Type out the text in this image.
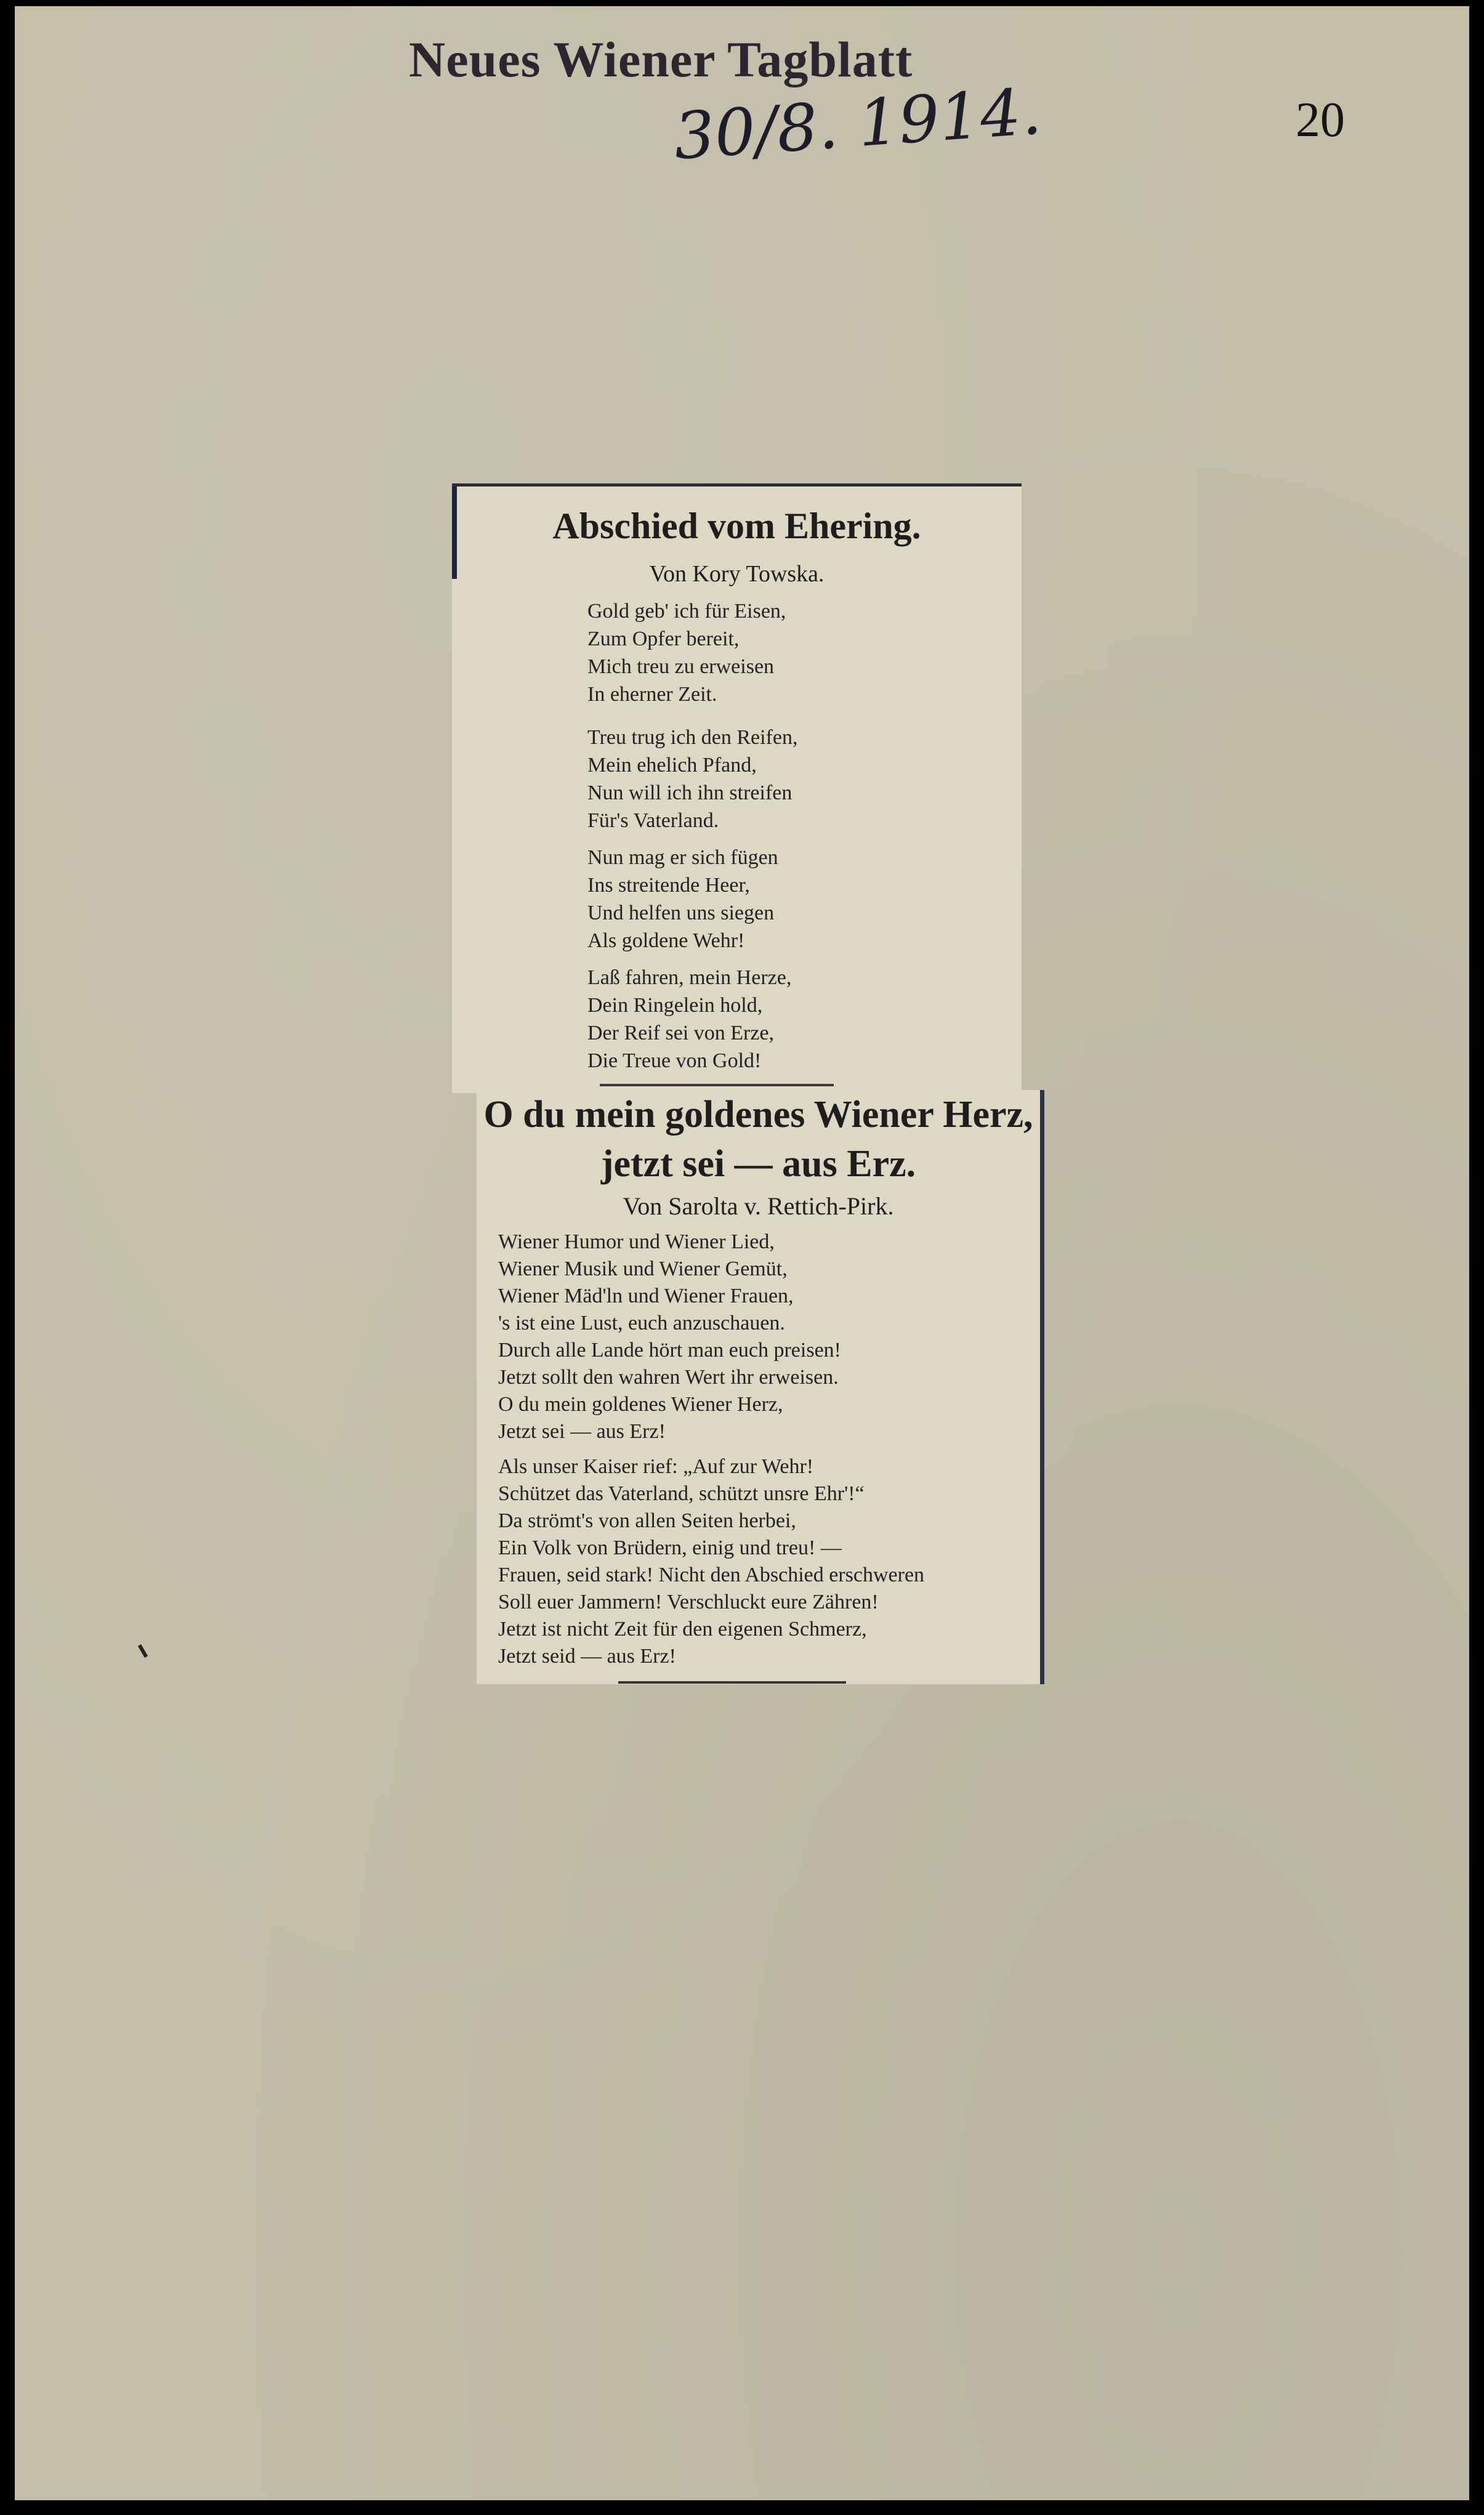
Neues Wiener Tagblatt
30/8. 1914.	20
Abschied vom Ehering.
Von Kory Towska.
Gold geb' ich für Eisen,
Zum Opfer bereit,
Mich treu zu erweisen
In eherner Zeit.
Treu trug ich den Reifen,
Mein ehelich Pfand,
Nun will ich ihn streifen
Für's Vaterland.
Nun mag er sich fügen
Ins streitende Heer,
Und helfen uns siegen
Als goldene Wehr!
Laß fahren, mein Herze,
Dein Ringelein hold,
Der Reif sei von Erze,
Die Treue von Gold!
O du mein goldenes Wiener Herz,
jetzt sei — aus Erz.
Von Sarolta v. Rettich-Pirk.
Wiener Humor und Wiener Lied,
Wiener Musik und Wiener Gemüt,
Wiener Mäd'ln und Wiener Frauen,
's ist eine Lust, euch anzuschauen.
Durch alle Lande hört man euch preisen!
Jetzt sollt den wahren Wert ihr erweisen.
O du mein goldenes Wiener Herz,
Jetzt sei — aus Erz!
Als unser Kaiser rief: „Auf zur Wehr!
Schützet das Vaterland, schützt unsre Ehr'!“
Da strömt's von allen Seiten herbei,
Ein Volk von Brüdern, einig und treu! —
Frauen, seid stark! Nicht den Abschied erschweren
Soll euer Jammern! Verschluckt eure Zähren!
Jetzt ist nicht Zeit für den eigenen Schmerz,
Jetzt seid — aus Erz!
